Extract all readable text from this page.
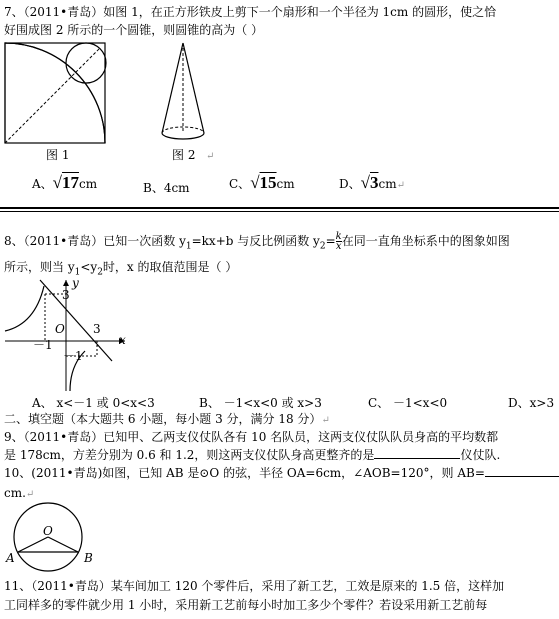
7、（2011•青岛）如图 1，在正方形铁皮上剪下一个扇形和一个半径为 1cm 的圆形，使之恰
好围成图 2 所示的一个圆锥，则圆锥的高为（ ）
图 1	图 2 ↵
A、√17cm	B、4cm	C、√15cm	D、√3cm↵
8、（2011•青岛）已知一次函数 $y_1=kx+b$ 与反比例函数 $y_2= \frac{k}{x}$ 在同一直角坐标系中的图象如图
所示，则当 $y_1<y_2$时，x 的取值范围是（ ）
y
x
O
3
3
－1
－1
A、 x<－1 或 0<x<3	B、 －1<x<0 或 x>3	C、 －1<x<0	D、x>3
二、填空题（本大题共 6 小题，每小题 3 分，满分 18 分）↵
9、（2011•青岛）已知甲、乙两支仪仗队各有 10 名队员，这两支仪仗队队员身高的平均数都
是 178cm，方差分别为 0.6 和 1.2，则这两支仪仗队身高更整齐的是	仪仗队.
10、(2011•青岛)如图，已知 AB 是⊙O 的弦，半径 OA=6cm，∠AOB=120°，则 AB=
cm.↵
O
A	B
11、（2011•青岛）某车间加工 120 个零件后，采用了新工艺，工效是原来的 1.5 倍，这样加
工同样多的零件就少用 1 小时，采用新工艺前每小时加工多少个零件？若设采用新工艺前每
